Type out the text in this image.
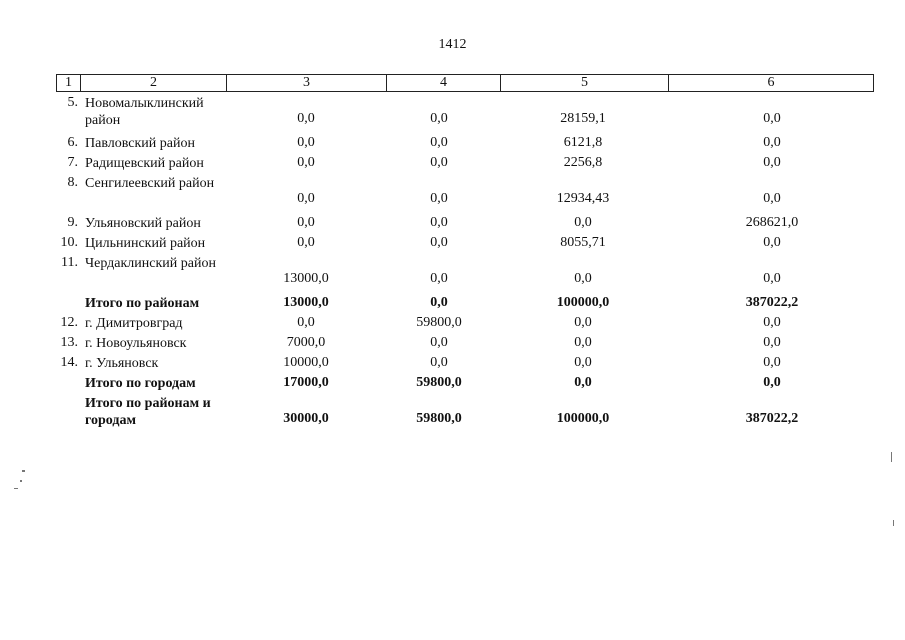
1412
1	2	3	4	5	6
5. Новомалыклинский район	0,0	0,0	28159,1	0,0
6. Павловский район	0,0	0,0	6121,8	0,0
7. Радищевский район	0,0	0,0	2256,8	0,0
8. Сенгилеевский район
0,0	0,0	12934,43	0,0
9. Ульяновский район	0,0	0,0	0,0	268621,0
10. Цильнинский район	0,0	0,0	8055,71	0,0
11. Чердаклинский район
13000,0	0,0	0,0	0,0
Итого по районам	13000,0	0,0	100000,0	387022,2
12. г. Димитровград	0,0	59800,0	0,0	0,0
13. г. Новоульяновск	7000,0	0,0	0,0	0,0
14. г. Ульяновск	10000,0	0,0	0,0	0,0
Итого по городам	17000,0	59800,0	0,0	0,0
Итого по районам и городам	30000,0	59800,0	100000,0	387022,2
